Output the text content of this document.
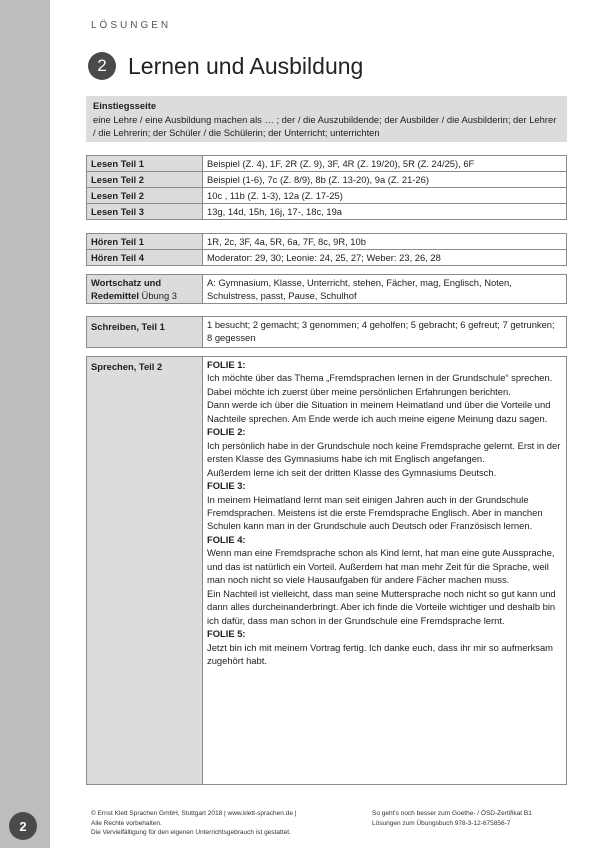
2
LÖSUNGEN
2 Lernen und Ausbildung
Einstiegsseite
eine Lehre / eine Ausbildung machen als … ; der / die Auszubildende; der Ausbilder / die Ausbilderin; der Lehrer / die Lehrerin; der Schüler / die Schülerin; der Unterricht; unterrichten
Lesen Teil 1	Beispiel (Z. 4), 1F, 2R (Z. 9), 3F, 4R (Z. 19/20), 5R (Z. 24/25), 6F
Lesen Teil 2	Beispiel (1-6), 7c (Z. 8/9), 8b (Z. 13-20), 9a (Z. 21-26)
Lesen Teil 2	10c , 11b (Z. 1-3), 12a (Z. 17-25)
Lesen Teil 3	13g, 14d, 15h, 16j, 17-, 18c, 19a
Hören Teil 1	1R, 2c, 3F, 4a, 5R, 6a, 7F, 8c, 9R, 10b
Hören Teil 4	Moderator: 29, 30; Leonie: 24, 25, 27; Weber: 23, 26, 28
Wortschatz und
Redemittel Übung 3
	A: Gymnasium, Klasse, Unterricht, stehen, Fächer, mag, Englisch, Noten, Schulstress, passt, Pause, Schulhof
Schreiben, Teil 1	1 besucht; 2 gemacht; 3 genommen; 4 geholfen; 5 gebracht; 6 gefreut; 7 getrunken; 8 gegessen
Sprechen, Teil 2	FOLIE 1:
Ich möchte über das Thema „Fremdsprachen lernen in der Grundschule“ sprechen. Dabei möchte ich zuerst über meine persönlichen Erfahrungen berichten.
Dann werde ich über die Situation in meinem Heimatland und über die Vorteile und Nachteile sprechen. Am Ende werde ich auch meine eigene Meinung dazu sagen.
FOLIE 2:
Ich persönlich habe in der Grundschule noch keine Fremdsprache gelernt. Erst in der ersten Klasse des Gymnasiums habe ich mit Englisch angefangen.
Außerdem lerne ich seit der dritten Klasse des Gymnasiums Deutsch.
FOLIE 3:
In meinem Heimatland lernt man seit einigen Jahren auch in der Grundschule Fremdsprachen. Meistens ist die erste Fremdsprache Englisch. Aber in manchen Schulen kann man in der Grundschule auch Deutsch oder Französisch lernen.
FOLIE 4:
Wenn man eine Fremdsprache schon als Kind lernt, hat man eine gute Aussprache, und das ist natürlich ein Vorteil. Außerdem hat man mehr Zeit für die Sprache, weil man noch nicht so viele Hausaufgaben für andere Fächer machen muss.
Ein Nachteil ist vielleicht, dass man seine Muttersprache noch nicht so gut kann und dann alles durcheinanderbringt. Aber ich finde die Vorteile wichtiger und deshalb bin ich dafür, dass man schon in der Grundschule eine Fremdsprache lernt.
FOLIE 5:
Jetzt bin ich mit meinem Vortrag fertig. Ich danke euch, dass ihr mir so aufmerksam zugehört habt.
© Ernst Klett Sprachen GmbH, Stuttgart 2018 | www.klett-sprachen.de |
Alle Rechte vorbehalten.
Die Vervielfältigung für den eigenen Unterrichtsgebrauch ist gestattet.
So geht's noch besser zum Goethe- / ÖSD-Zertifikat B1
Lösungen zum Übungsbuch 978-3-12-675856-7
